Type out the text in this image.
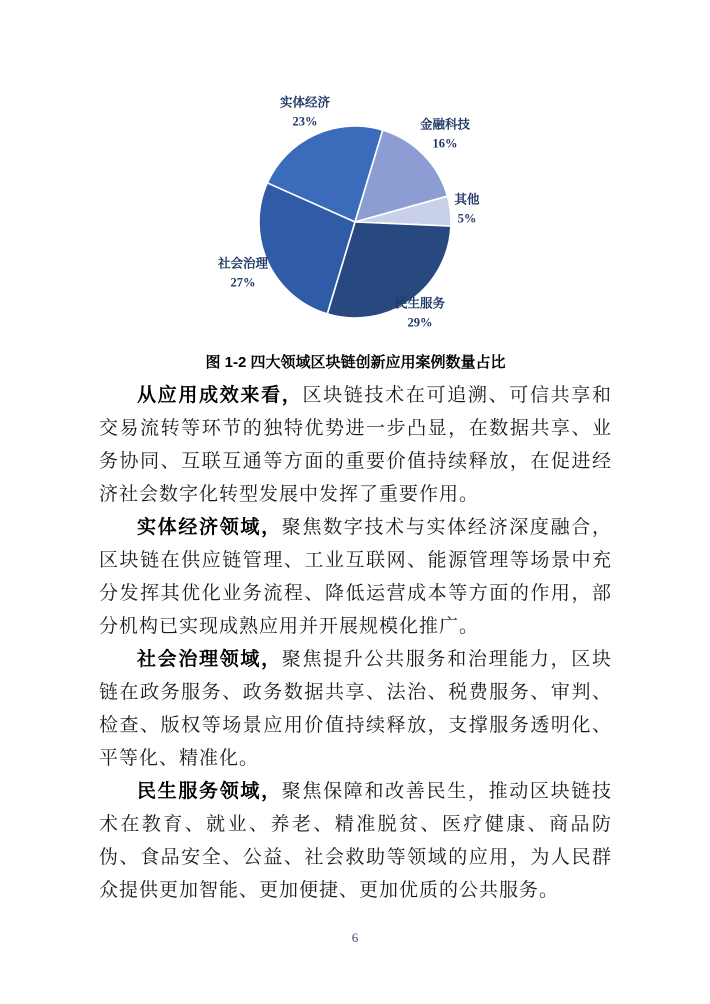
实体经济
23%	金融科技
16%
其他
5%
民生服务
29%
社会治理
27%
图 1-2 四大领域区块链创新应用案例数量占比

从应用成效来看，区块链技术在可追溯、可信共享和交易流转等环节的独特优势进一步凸显，在数据共享、业务协同、互联互通等方面的重要价值持续释放，在促进经济社会数字化转型发展中发挥了重要作用。

实体经济领域，聚焦数字技术与实体经济深度融合，区块链在供应链管理、工业互联网、能源管理等场景中充分发挥其优化业务流程、降低运营成本等方面的作用，部分机构已实现成熟应用并开展规模化推广。

社会治理领域，聚焦提升公共服务和治理能力，区块链在政务服务、政务数据共享、法治、税费服务、审判、检查、版权等场景应用价值持续释放，支撑服务透明化、平等化、精准化。

民生服务领域，聚焦保障和改善民生，推动区块链技术在教育、就业、养老、精准脱贫、医疗健康、商品防伪、食品安全、公益、社会救助等领域的应用，为人民群众提供更加智能、更加便捷、更加优质的公共服务。

6
